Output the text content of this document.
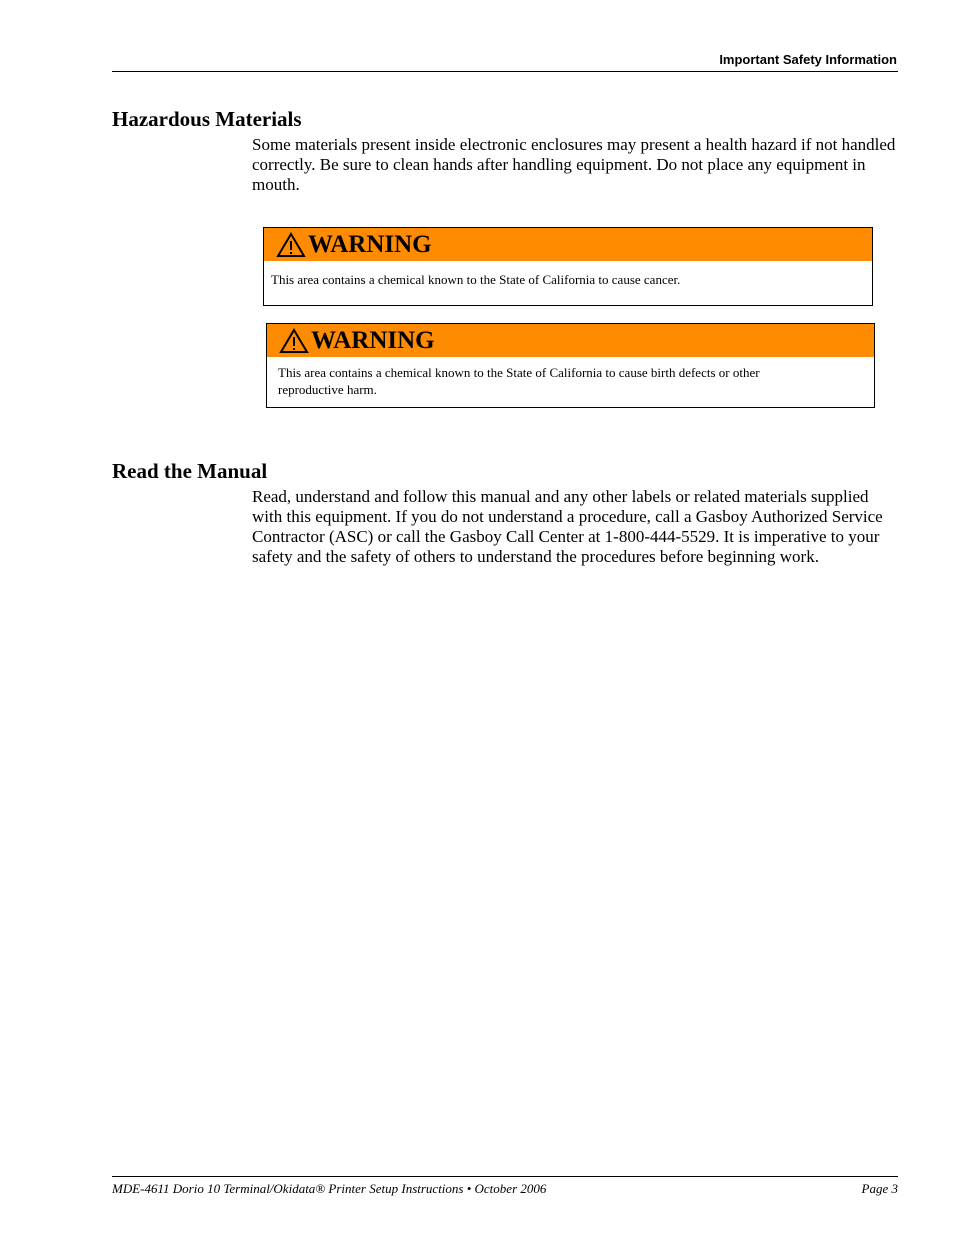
Important Safety Information
Hazardous Materials

Some materials present inside electronic enclosures may present a health hazard if not handled correctly. Be sure to clean hands after handling equipment. Do not place any equipment in mouth.

WARNING

This area contains a chemical known to the State of California to cause cancer.

WARNING

This area contains a chemical known to the State of California to cause birth defects or other reproductive harm.

Read the Manual

Read, understand and follow this manual and any other labels or related materials supplied with this equipment. If you do not understand a procedure, call a Gasboy Authorized Service Contractor (ASC) or call the Gasboy Call Center at 1-800-444-5529. It is imperative to your safety and the safety of others to understand the procedures before beginning work.

MDE-4611 Dorio 10 Terminal/Okidata® Printer Setup Instructions • October 2006	Page 3
